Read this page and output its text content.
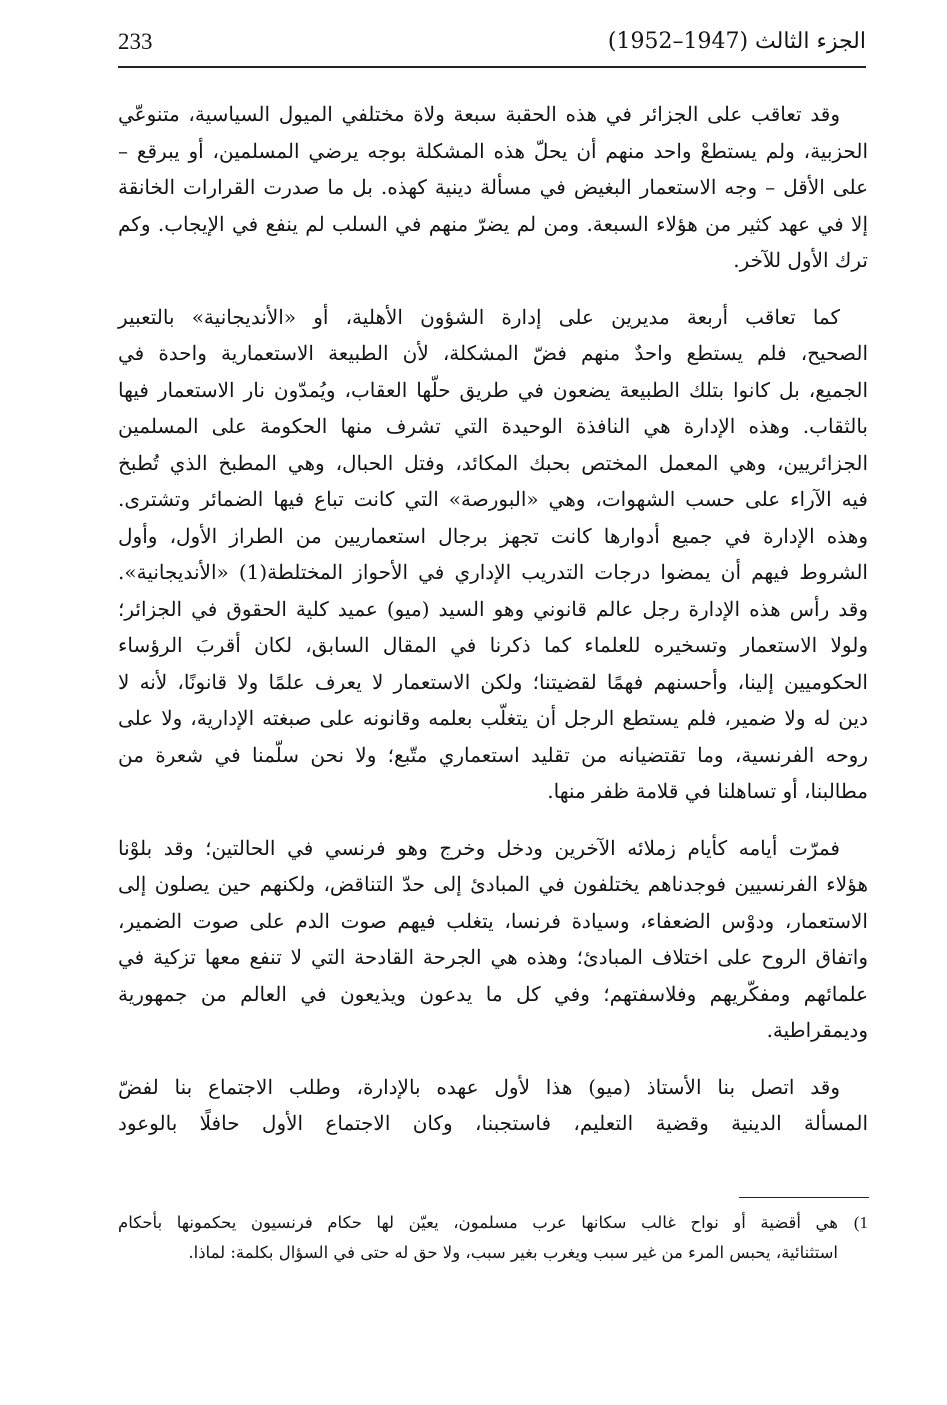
الجزء الثالث (1947–1952)
233
وقد تعاقب على الجزائر في هذه الحقبة سبعة ولاة مختلفي الميول السياسية، متنوعّي
الحزبية، ولم يستطعْ واحد منهم أن يحلّ هذه المشكلة بوجه يرضي المسلمين، أو يبرقع –
على الأقل – وجه الاستعمار البغيض في مسألة دينية كهذه. بل ما صدرت القرارات الخانقة
إلا في عهد كثير من هؤلاء السبعة. ومن لم يضرّ منهم في السلب لم ينفع في الإيجاب. وكم
ترك الأول للآخر.
كما تعاقب أربعة مديرين على إدارة الشؤون الأهلية، أو «الأنديجانية» بالتعبير
الصحيح، فلم يستطع واحدٌ منهم فضّ المشكلة، لأن الطبيعة الاستعمارية واحدة في
الجميع، بل كانوا بتلك الطبيعة يضعون في طريق حلّها العقاب، ويُمدّون نار الاستعمار فيها
بالثقاب. وهذه الإدارة هي النافذة الوحيدة التي تشرف منها الحكومة على المسلمين
الجزائريين، وهي المعمل المختص بحبك المكائد، وفتل الحبال، وهي المطبخ الذي تُطبخ
فيه الآراء على حسب الشهوات، وهي «البورصة» التي كانت تباع فيها الضمائر وتشترى.
وهذه الإدارة في جميع أدوارها كانت تجهز برجال استعماريين من الطراز الأول، وأول
الشروط فيهم أن يمضوا درجات التدريب الإداري في الأحواز المختلطة(1) «الأنديجانية».
وقد رأس هذه الإدارة رجل عالم قانوني وهو السيد (ميو) عميد كلية الحقوق في الجزائر؛
ولولا الاستعمار وتسخيره للعلماء كما ذكرنا في المقال السابق، لكان أقربَ الرؤساء
الحكوميين إلينا، وأحسنهم فهمًا لقضيتنا؛ ولكن الاستعمار لا يعرف علمًا ولا قانونًا، لأنه لا
دين له ولا ضمير، فلم يستطع الرجل أن يتغلّب بعلمه وقانونه على صبغته الإدارية، ولا على
روحه الفرنسية، وما تقتضيانه من تقليد استعماري متّبع؛ ولا نحن سلّمنا في شعرة من
مطالبنا، أو تساهلنا في قلامة ظفر منها.
فمرّت أيامه كأيام زملائه الآخرين ودخل وخرج وهو فرنسي في الحالتين؛ وقد بلوْنا
هؤلاء الفرنسيين فوجدناهم يختلفون في المبادئ إلى حدّ التناقض، ولكنهم حين يصلون إلى
الاستعمار، ودوْس الضعفاء، وسيادة فرنسا، يتغلب فيهم صوت الدم على صوت الضمير،
واتفاق الروح على اختلاف المبادئ؛ وهذه هي الجرحة القادحة التي لا تنفع معها تزكية في
علمائهم ومفكّريهم وفلاسفتهم؛ وفي كل ما يدعون ويذيعون في العالم من جمهورية
وديمقراطية.
وقد اتصل بنا الأستاذ (ميو) هذا لأول عهده بالإدارة، وطلب الاجتماع بنا لفضّ
المسألة الدينية وقضية التعليم، فاستجبنا، وكان الاجتماع الأول حافلًا بالوعود
1)
هي أقضية أو نواح غالب سكانها عرب مسلمون، يعيّن لها حكام فرنسيون يحكمونها بأحكام
استثنائية، يحبس المرء من غير سبب ويغرب بغير سبب، ولا حق له حتى في السؤال بكلمة: لماذا.
